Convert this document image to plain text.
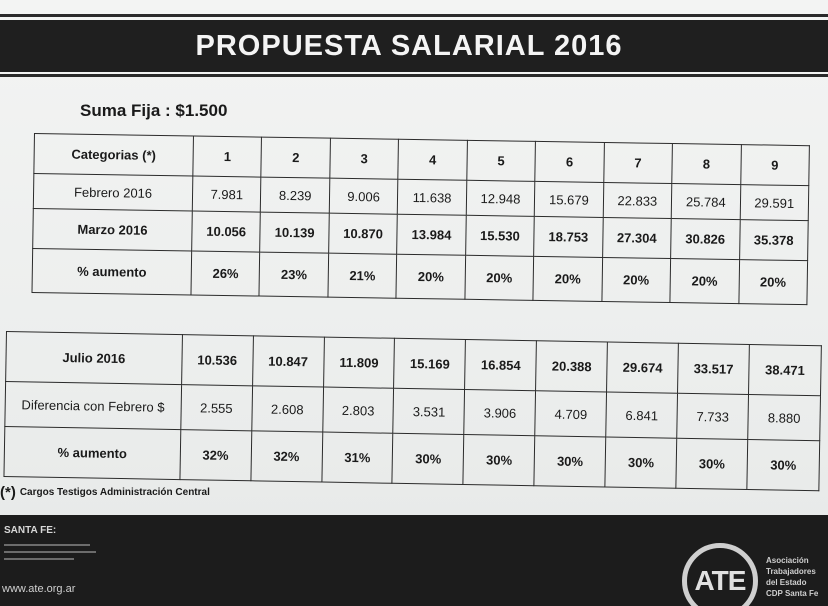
PROPUESTA SALARIAL 2016
Suma Fija : $1.500
Categorias (*)	1	2	3	4	5	6	7	8	9
Febrero 2016	7.981	8.239	9.006	11.638	12.948	15.679	22.833	25.784	29.591
Marzo 2016	10.056	10.139	10.870	13.984	15.530	18.753	27.304	30.826	35.378
% aumento	26%	23%	21%	20%	20%	20%	20%	20%	20%
Julio 2016	10.536	10.847	11.809	15.169	16.854	20.388	29.674	33.517	38.471
Diferencia con Febrero $	2.555	2.608	2.803	3.531	3.906	4.709	6.841	7.733	8.880
% aumento	32%	32%	31%	30%	30%	30%	30%	30%	30%
(*) Cargos Testigos Administración Central
SANTA FE:
www.ate.org.ar	ATE
Asociación
Trabajadores
del Estado
CDP Santa Fe
